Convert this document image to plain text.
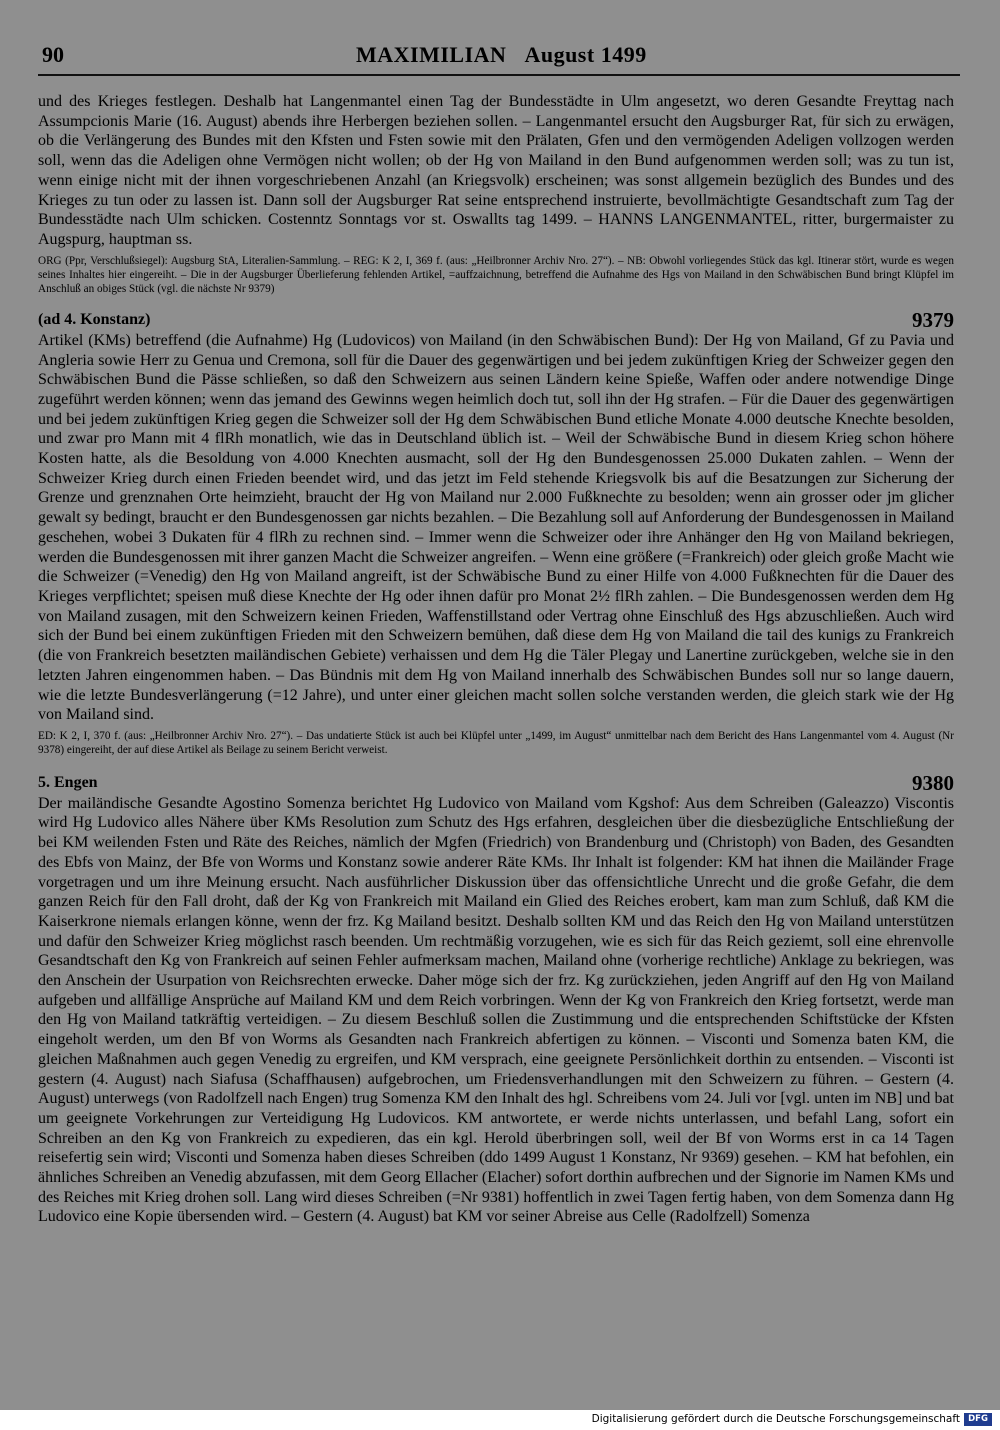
90	MAXIMILIAN August 1499

und des Krieges festlegen. Deshalb hat Langenmantel einen Tag der Bundesstädte in Ulm angesetzt, wo deren Gesandte Freyttag nach Assumpcionis Marie (16. August) abends ihre Herbergen beziehen sollen. – Langenmantel ersucht den Augsburger Rat, für sich zu erwägen, ob die Verlängerung des Bundes mit den Kfsten und Fsten sowie mit den Prälaten, Gfen und den vermögenden Adeligen vollzogen werden soll, wenn das die Adeligen ohne Vermögen nicht wollen; ob der Hg von Mailand in den Bund aufgenommen werden soll; was zu tun ist, wenn einige nicht mit der ihnen vorgeschriebenen Anzahl (an Kriegsvolk) erscheinen; was sonst allgemein bezüglich des Bundes und des Krieges zu tun oder zu lassen ist. Dann soll der Augsburger Rat seine entsprechend instruierte, bevollmächtigte Gesandtschaft zum Tag der Bundesstädte nach Ulm schicken. Costenntz Sonntags vor st. Oswallts tag 1499. – HANNS LANGENMANTEL, ritter, burgermaister zu Augspurg, hauptman ss.

ORG (Ppr, Verschlußsiegel): Augsburg StA, Literalien-Sammlung. – REG: K 2, I, 369 f. (aus: „Heilbronner Archiv Nro. 27“). – NB: Obwohl vorliegendes Stück das kgl. Itinerar stört, wurde es wegen seines Inhaltes hier eingereiht. – Die in der Augsburger Überlieferung fehlenden Artikel, =auffzaichnung, betreffend die Aufnahme des Hgs von Mailand in den Schwäbischen Bund bringt Klüpfel im Anschluß an obiges Stück (vgl. die nächste Nr 9379)

9379
(ad 4. Konstanz)

Artikel (KMs) betreffend (die Aufnahme) Hg (Ludovicos) von Mailand (in den Schwäbischen Bund): Der Hg von Mailand, Gf zu Pavia und Angleria sowie Herr zu Genua und Cremona, soll für die Dauer des gegenwärtigen und bei jedem zukünftigen Krieg der Schweizer gegen den Schwäbischen Bund die Pässe schließen, so daß den Schweizern aus seinen Ländern keine Spieße, Waffen oder andere notwendige Dinge zugeführt werden können; wenn das jemand des Gewinns wegen heimlich doch tut, soll ihn der Hg strafen. – Für die Dauer des gegenwärtigen und bei jedem zukünftigen Krieg gegen die Schweizer soll der Hg dem Schwäbischen Bund etliche Monate 4.000 deutsche Knechte besolden, und zwar pro Mann mit 4 flRh monatlich, wie das in Deutschland üblich ist. – Weil der Schwäbische Bund in diesem Krieg schon höhere Kosten hatte, als die Besoldung von 4.000 Knechten ausmacht, soll der Hg den Bundesgenossen 25.000 Dukaten zahlen. – Wenn der Schweizer Krieg durch einen Frieden beendet wird, und das jetzt im Feld stehende Kriegsvolk bis auf die Besatzungen zur Sicherung der Grenze und grenznahen Orte heimzieht, braucht der Hg von Mailand nur 2.000 Fußknechte zu besolden; wenn ain grosser oder jm glicher gewalt sy bedingt, braucht er den Bundesgenossen gar nichts bezahlen. – Die Bezahlung soll auf Anforderung der Bundesgenossen in Mailand geschehen, wobei 3 Dukaten für 4 flRh zu rechnen sind. – Immer wenn die Schweizer oder ihre Anhänger den Hg von Mailand bekriegen, werden die Bundesgenossen mit ihrer ganzen Macht die Schweizer angreifen. – Wenn eine größere (=Frankreich) oder gleich große Macht wie die Schweizer (=Venedig) den Hg von Mailand angreift, ist der Schwäbische Bund zu einer Hilfe von 4.000 Fußknechten für die Dauer des Krieges verpflichtet; speisen muß diese Knechte der Hg oder ihnen dafür pro Monat 2½ flRh zahlen. – Die Bundesgenossen werden dem Hg von Mailand zusagen, mit den Schweizern keinen Frieden, Waffenstillstand oder Vertrag ohne Einschluß des Hgs abzuschließen. Auch wird sich der Bund bei einem zukünftigen Frieden mit den Schweizern bemühen, daß diese dem Hg von Mailand die tail des kunigs zu Frankreich (die von Frankreich besetzten mailändischen Gebiete) verhaissen und dem Hg die Täler Plegay und Lanertine zurückgeben, welche sie in den letzten Jahren eingenommen haben. – Das Bündnis mit dem Hg von Mailand innerhalb des Schwäbischen Bundes soll nur so lange dauern, wie die letzte Bundesverlängerung (=12 Jahre), und unter einer gleichen macht sollen solche verstanden werden, die gleich stark wie der Hg von Mailand sind.

ED: K 2, I, 370 f. (aus: „Heilbronner Archiv Nro. 27“). – Das undatierte Stück ist auch bei Klüpfel unter „1499, im August“ unmittelbar nach dem Bericht des Hans Langenmantel vom 4. August (Nr 9378) eingereiht, der auf diese Artikel als Beilage zu seinem Bericht verweist.

9380
5. Engen

Der mailändische Gesandte Agostino Somenza berichtet Hg Ludovico von Mailand vom Kgshof: Aus dem Schreiben (Galeazzo) Viscontis wird Hg Ludovico alles Nähere über KMs Resolution zum Schutz des Hgs erfahren, desgleichen über die diesbezügliche Entschließung der bei KM weilenden Fsten und Räte des Reiches, nämlich der Mgfen (Friedrich) von Brandenburg und (Christoph) von Baden, des Gesandten des Ebfs von Mainz, der Bfe von Worms und Konstanz sowie anderer Räte KMs. Ihr Inhalt ist folgender: KM hat ihnen die Mailänder Frage vorgetragen und um ihre Meinung ersucht. Nach ausführlicher Diskussion über das offensichtliche Unrecht und die große Gefahr, die dem ganzen Reich für den Fall droht, daß der Kg von Frankreich mit Mailand ein Glied des Reiches erobert, kam man zum Schluß, daß KM die Kaiserkrone niemals erlangen könne, wenn der frz. Kg Mailand besitzt. Deshalb sollten KM und das Reich den Hg von Mailand unterstützen und dafür den Schweizer Krieg möglichst rasch beenden. Um rechtmäßig vorzugehen, wie es sich für das Reich geziemt, soll eine ehrenvolle Gesandtschaft den Kg von Frankreich auf seinen Fehler aufmerksam machen, Mailand ohne (vorherige rechtliche) Anklage zu bekriegen, was den Anschein der Usurpation von Reichsrechten erwecke. Daher möge sich der frz. Kg zurückziehen, jeden Angriff auf den Hg von Mailand aufgeben und allfällige Ansprüche auf Mailand KM und dem Reich vorbringen. Wenn der Kg von Frankreich den Krieg fortsetzt, werde man den Hg von Mailand tatkräftig verteidigen. – Zu diesem Beschluß sollen die Zustimmung und die entsprechenden Schiftstücke der Kfsten eingeholt werden, um den Bf von Worms als Gesandten nach Frankreich abfertigen zu können. – Visconti und Somenza baten KM, die gleichen Maßnahmen auch gegen Venedig zu ergreifen, und KM versprach, eine geeignete Persönlichkeit dorthin zu entsenden. – Visconti ist gestern (4. August) nach Siafusa (Schaffhausen) aufgebrochen, um Friedensverhandlungen mit den Schweizern zu führen. – Gestern (4. August) unterwegs (von Radolfzell nach Engen) trug Somenza KM den Inhalt des hgl. Schreibens vom 24. Juli vor [vgl. unten im NB] und bat um geeignete Vorkehrungen zur Verteidigung Hg Ludovicos. KM antwortete, er werde nichts unterlassen, und befahl Lang, sofort ein Schreiben an den Kg von Frankreich zu expedieren, das ein kgl. Herold überbringen soll, weil der Bf von Worms erst in ca 14 Tagen reisefertig sein wird; Visconti und Somenza haben dieses Schreiben (ddo 1499 August 1 Konstanz, Nr 9369) gesehen. – KM hat befohlen, ein ähnliches Schreiben an Venedig abzufassen, mit dem Georg Ellacher (Elacher) sofort dorthin aufbrechen und der Signorie im Namen KMs und des Reiches mit Krieg drohen soll. Lang wird dieses Schreiben (=Nr 9381) hoffentlich in zwei Tagen fertig haben, von dem Somenza dann Hg Ludovico eine Kopie übersenden wird. – Gestern (4. August) bat KM vor seiner Abreise aus Celle (Radolfzell) Somenza

Digitalisierung gefördert durch die Deutsche Forschungsgemeinschaft DFG
